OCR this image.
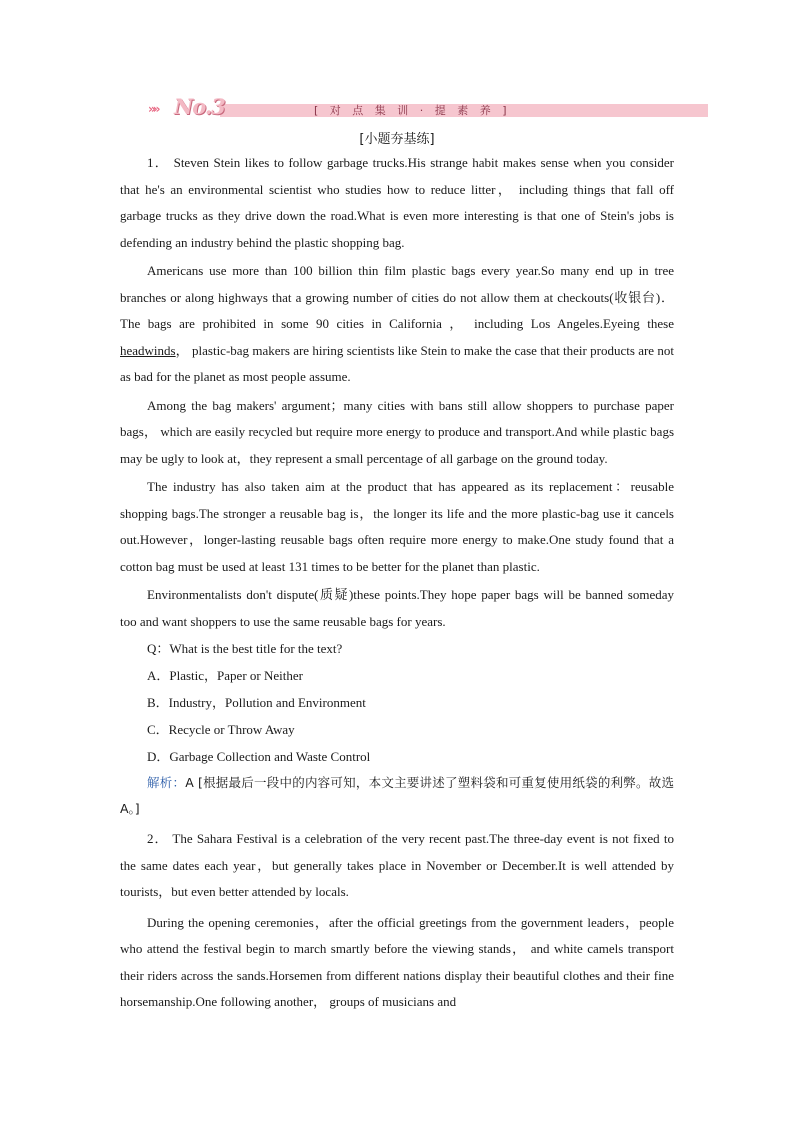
»» No.3	[ 对 点 集 训 · 提 素 养 ]
[小题夯基练]

1． Steven Stein likes to follow garbage trucks.His strange habit makes sense when you consider that he's an environmental scientist who studies how to reduce litter， including things that fall off garbage trucks as they drive down the road.What is even more interesting is that one of Stein's jobs is defending an industry behind the plastic shopping bag.

Americans use more than 100 billion thin film plastic bags every year.So many end up in tree branches or along highways that a growing number of cities do not allow them at checkouts(收银台)． The bags are prohibited in some 90 cities in California ， including Los Angeles.Eyeing these headwinds， plastic-bag makers are hiring scientists like Stein to make the case that their products are not as bad for the planet as most people assume.

Among the bag makers' argument；many cities with bans still allow shoppers to purchase paper bags， which are easily recycled but require more energy to produce and transport.And while plastic bags may be ugly to look at，they represent a small percentage of all garbage on the ground today.

The industry has also taken aim at the product that has appeared as its replacement：reusable shopping bags.The stronger a reusable bag is，the longer its life and the more plastic-bag use it cancels out.However，longer-lasting reusable bags often require more energy to make.One study found that a cotton bag must be used at least 131 times to be better for the planet than plastic.

Environmentalists don't dispute(质疑)these points.They hope paper bags will be banned someday too and want shoppers to use the same reusable bags for years.

Q：What is the best title for the text?

A．Plastic，Paper or Neither

B．Industry，Pollution and Environment

C．Recycle or Throw Away

D．Garbage Collection and Waste Control

解析：A [根据最后一段中的内容可知，本文主要讲述了塑料袋和可重复使用纸袋的利弊。故选 A。]

2． The Sahara Festival is a celebration of the very recent past.The three-day event is not fixed to the same dates each year，but generally takes place in November or December.It is well attended by tourists，but even better attended by locals.

During the opening ceremonies，after the official greetings from the government leaders，people who attend the festival begin to march smartly before the viewing stands， and white camels transport their riders across the sands.Horsemen from different nations display their beautiful clothes and their fine horsemanship.One following another， groups of musicians and
